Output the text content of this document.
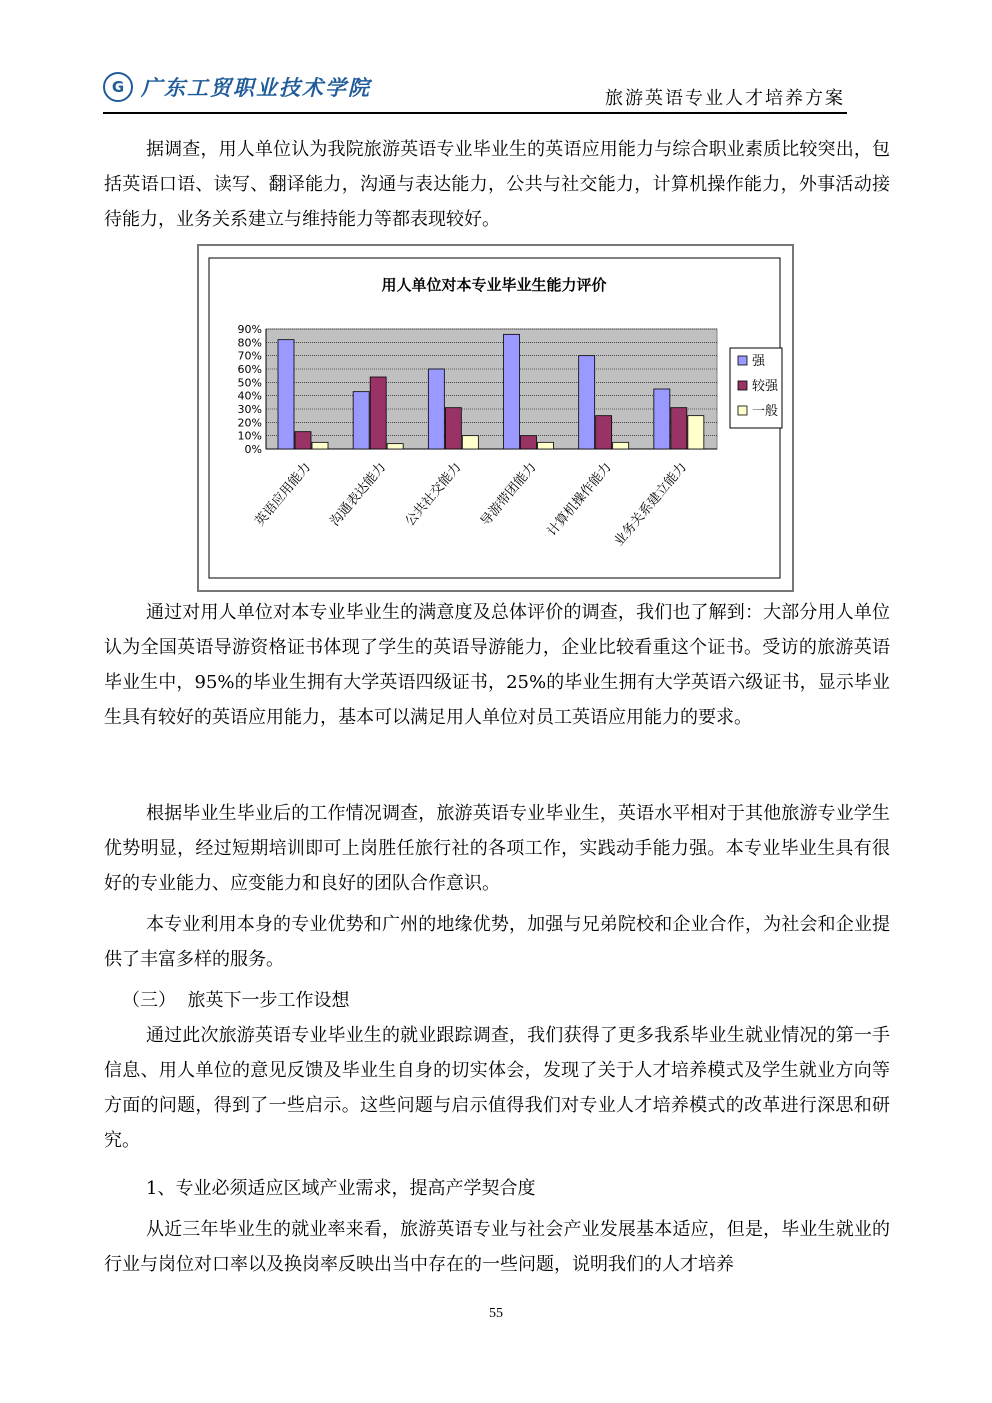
G 广东工贸职业技术学院	旅游英语专业人才培养方案

据调查，用人单位认为我院旅游英语专业毕业生的英语应用能力与综合职业素质比较突出，包括英语口语、读写、翻译能力，沟通与表达能力，公共与社交能力，计算机操作能力，外事活动接待能力，业务关系建立与维持能力等都表现较好。

用人单位对本专业毕业生能力评价
0%
10%
20%
30%
40%
50%
60%
70%
80%
90%
英语应用能力 沟通表达能力 公共社交能力 导游带团能力 计算机操作能力
业务关系建立能力
强
较强
一般

通过对用人单位对本专业毕业生的满意度及总体评价的调查，我们也了解到：大部分用人单位认为全国英语导游资格证书体现了学生的英语导游能力，企业比较看重这个证书。受访的旅游英语毕业生中，95%的毕业生拥有大学英语四级证书，25%的毕业生拥有大学英语六级证书，显示毕业生具有较好的英语应用能力，基本可以满足用人单位对员工英语应用能力的要求。

根据毕业生毕业后的工作情况调查，旅游英语专业毕业生，英语水平相对于其他旅游专业学生优势明显，经过短期培训即可上岗胜任旅行社的各项工作，实践动手能力强。本专业毕业生具有很好的专业能力、应变能力和良好的团队合作意识。

本专业利用本身的专业优势和广州的地缘优势，加强与兄弟院校和企业合作，为社会和企业提供了丰富多样的服务。

（三）  旅英下一步工作设想

通过此次旅游英语专业毕业生的就业跟踪调查，我们获得了更多我系毕业生就业情况的第一手信息、用人单位的意见反馈及毕业生自身的切实体会，发现了关于人才培养模式及学生就业方向等方面的问题，得到了一些启示。这些问题与启示值得我们对专业人才培养模式的改革进行深思和研究。

1、专业必须适应区域产业需求，提高产学契合度

从近三年毕业生的就业率来看，旅游英语专业与社会产业发展基本适应，但是，毕业生就业的行业与岗位对口率以及换岗率反映出当中存在的一些问题，说明我们的人才培养

55
